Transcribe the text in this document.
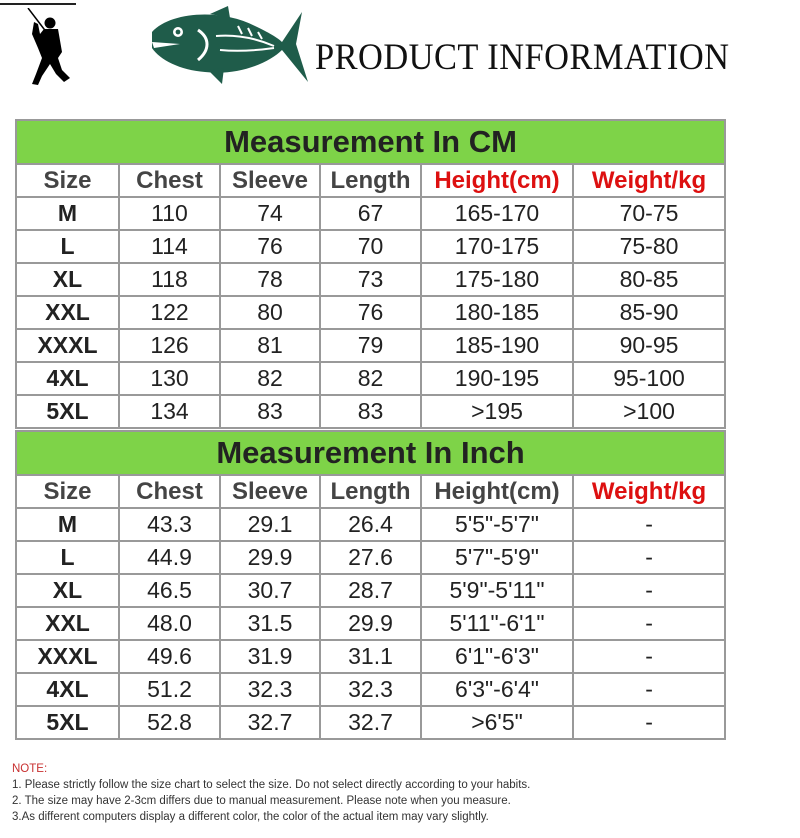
PRODUCT INFORMATION
Measurement In CM					
Size	Chest	Sleeve	Length	Height(cm)	Weight/kg
M	110	74	67	165-170	70-75
L	114	76	70	170-175	75-80
XL	118	78	73	175-180	80-85
XXL	122	80	76	180-185	85-90
XXXL	126	81	79	185-190	90-95
4XL	130	82	82	190-195	95-100
5XL	134	83	83	>195	>100
Measurement In Inch					
Size	Chest	Sleeve	Length	Height(cm)	Weight/kg
M	43.3	29.1	26.4	5'5"-5'7"	-
L	44.9	29.9	27.6	5'7"-5'9"	-
XL	46.5	30.7	28.7	5'9"-5'11"	-
XXL	48.0	31.5	29.9	5'11"-6'1"	-
XXXL	49.6	31.9	31.1	6'1"-6'3"	-
4XL	51.2	32.3	32.3	6'3"-6'4"	-
5XL	52.8	32.7	32.7	>6'5"	-
NOTE:
1. Please strictly follow the size chart to select the size. Do not select directly according to your habits.
2. The size may have 2-3cm differs due to manual measurement. Please note when you measure.
3.As different computers display a different color, the color of the actual item may vary slightly.
